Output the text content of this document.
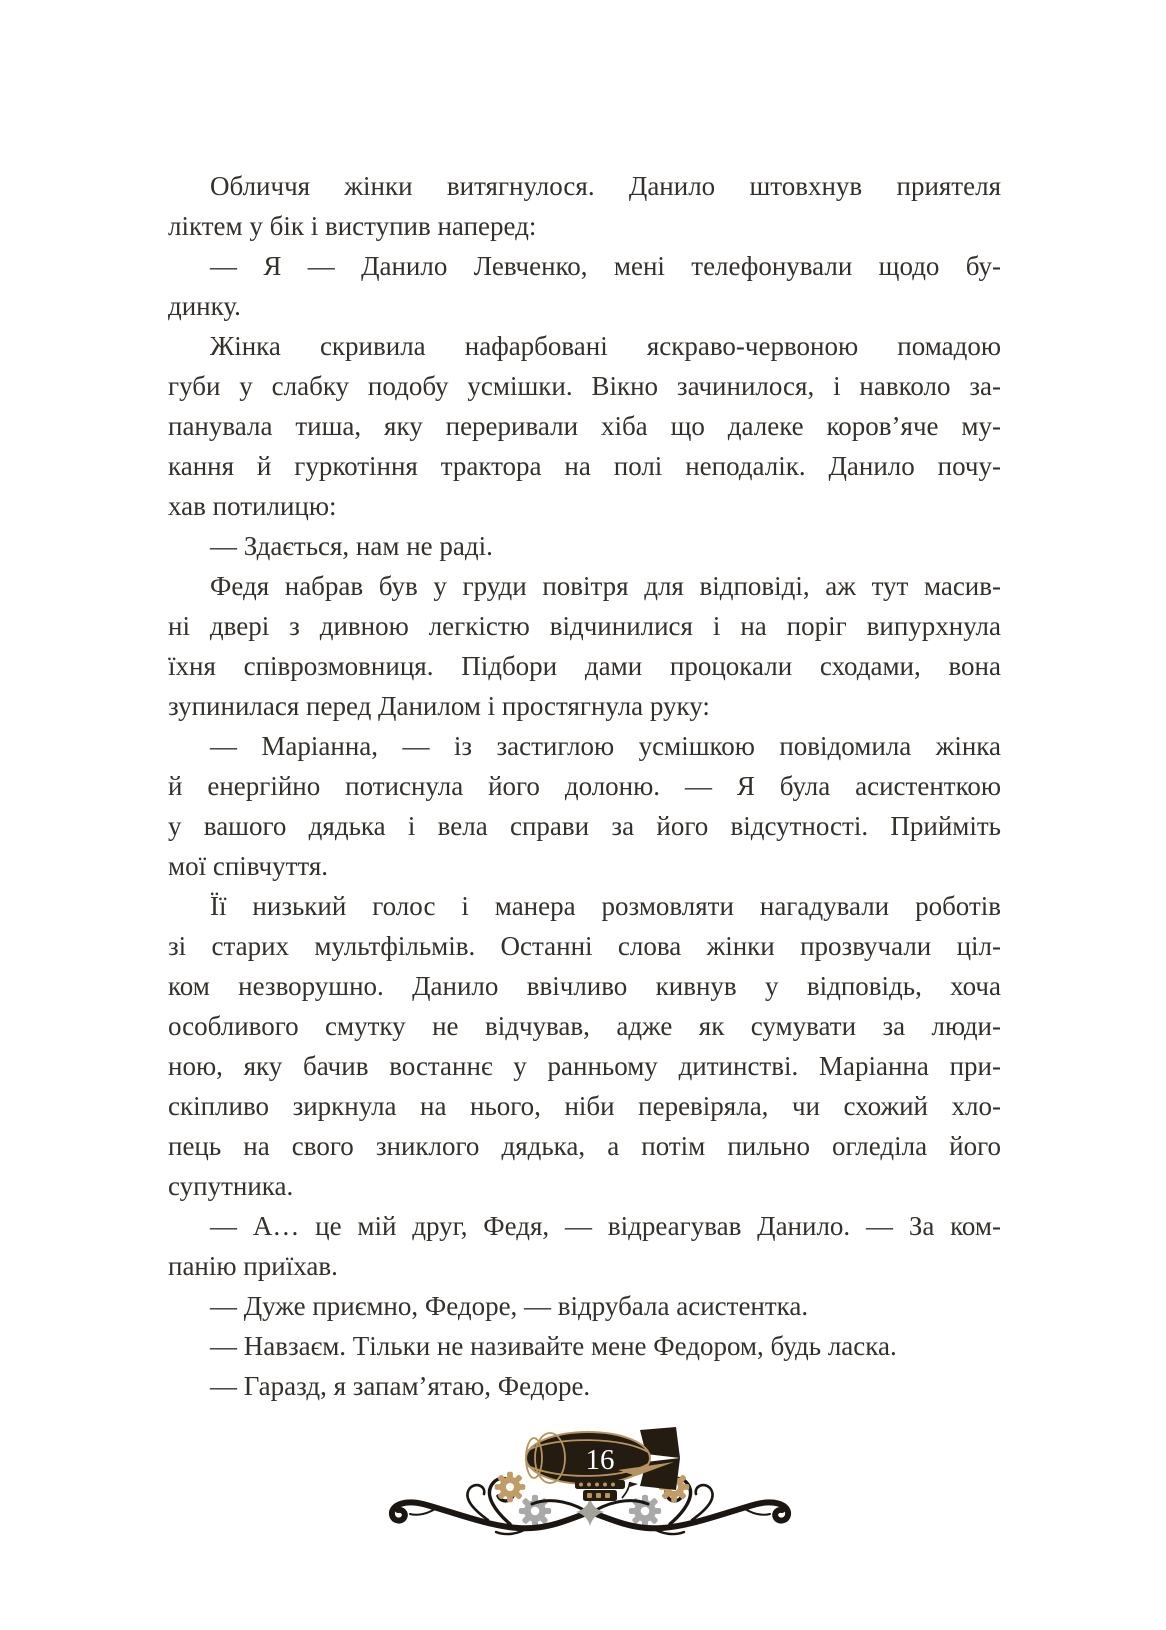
Обличчя жінки витягнулося. Данило штовхнув приятеля
ліктем у бік і виступив наперед:

— Я — Данило Левченко, мені телефонували щодо бу-
динку.

Жінка скривила нафарбовані яскраво-червоною помадою
губи у слабку подобу усмішки. Вікно зачинилося, і навколо за-
панувала тиша, яку переривали хіба що далеке коров’яче му-
кання й гуркотіння трактора на полі неподалік. Данило почу-
хав потилицю:

— Здається, нам не раді.

Федя набрав був у груди повітря для відповіді, аж тут масив-
ні двері з дивною легкістю відчинилися і на поріг випурхнула
їхня співрозмовниця. Підбори дами процокали сходами, вона
зупинилася перед Данилом і простягнула руку:

— Маріанна, — із застиглою усмішкою повідомила жінка
й енергійно потиснула його долоню. — Я була асистенткою
у вашого дядька і вела справи за його відсутності. Прийміть
мої співчуття.

Її низький голос і манера розмовляти нагадували роботів
зі старих мультфільмів. Останні слова жінки прозвучали ціл-
ком незворушно. Данило ввічливо кивнув у відповідь, хоча
особливого смутку не відчував, адже як сумувати за люди-
ною, яку бачив востаннє у ранньому дитинстві. Маріанна при-
скіпливо зиркнула на нього, ніби перевіряла, чи схожий хло-
пець на свого зниклого дядька, а потім пильно огледіла його
супутника.

— А… це мій друг, Федя, — відреагував Данило. — За ком-
панію приїхав.

— Дуже приємно, Федоре, — відрубала асистентка.

— Навзаєм. Тільки не називайте мене Федором, будь ласка.

— Гаразд, я запам’ятаю, Федоре.

16
